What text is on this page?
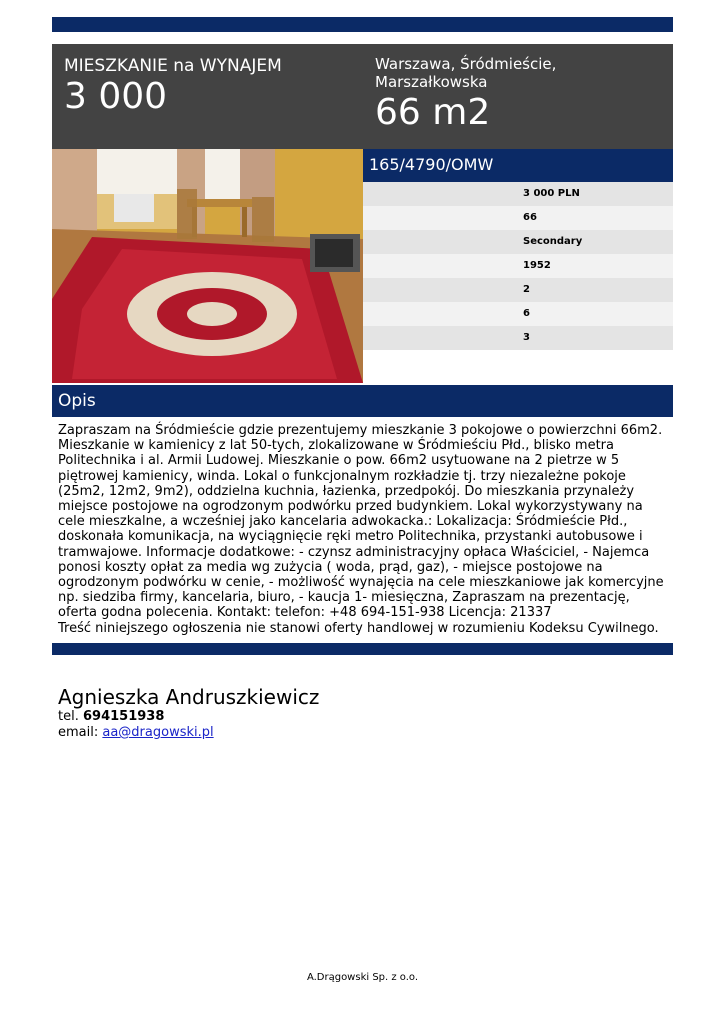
MIESZKANIE na WYNAJEM
3 000
Warszawa, Śródmieście, Marszałkowska
66 m2
165/4790/OMW
3 000 PLN
66
Secondary
1952
2
6
3
Opis

Zapraszam na Śródmieście gdzie prezentujemy mieszkanie 3 pokojowe o powierzchni 66m2. Mieszkanie w kamienicy z lat 50-tych, zlokalizowane w Śródmieściu Płd., blisko metra Politechnika i al. Armii Ludowej. Mieszkanie o pow. 66m2 usytuowane na 2 pietrze w 5 piętrowej kamienicy, winda. Lokal o funkcjonalnym rozkładzie tj. trzy niezależne pokoje (25m2, 12m2, 9m2), oddzielna kuchnia, łazienka, przedpokój. Do mieszkania przynależy miejsce postojowe na ogrodzonym podwórku przed budynkiem. Lokal wykorzystywany na cele mieszkalne, a wcześniej jako kancelaria adwokacka.: Lokalizacja: Śródmieście Płd., doskonała komunikacja, na wyciągnięcie ręki metro Politechnika, przystanki autobusowe i tramwajowe. Informacje dodatkowe: - czynsz administracyjny opłaca Właściciel, - Najemca ponosi koszty opłat za media wg zużycia ( woda, prąd, gaz), - miejsce postojowe na ogrodzonym podwórku w cenie, - możliwość wynajęcia na cele mieszkaniowe jak komercyjne np. siedziba firmy, kancelaria, biuro, - kaucja 1- miesięczna, Zapraszam na prezentację, oferta godna polecenia. Kontakt: telefon: +48 694-151-938 Licencja: 21337

Treść niniejszego ogłoszenia nie stanowi oferty handlowej w rozumieniu Kodeksu Cywilnego.

Agnieszka Andruszkiewicz
tel. 694151938
email: aa@dragowski.pl
A.Drągowski Sp. z o.o.
